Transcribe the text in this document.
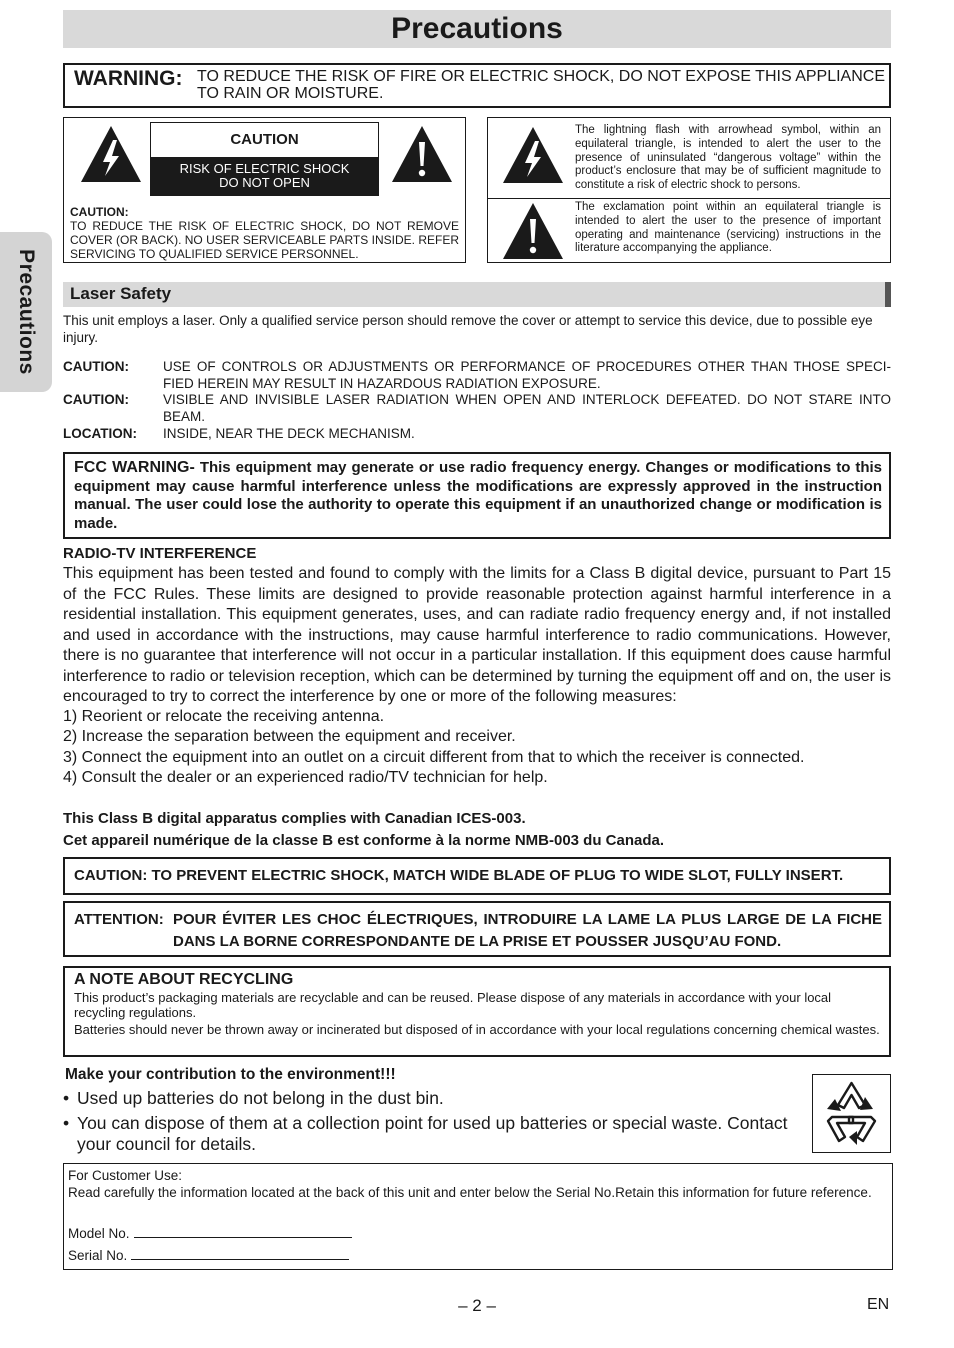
Precautions
Precautions
WARNING: TO REDUCE THE RISK OF FIRE OR ELECTRIC SHOCK, DO NOT EXPOSE THIS APPLIANCE TO RAIN OR MOISTURE.
CAUTION
RISK OF ELECTRIC SHOCK
DO NOT OPEN
CAUTION:
TO REDUCE THE RISK OF ELECTRIC SHOCK, DO NOT REMOVE COVER (OR BACK). NO USER SERVICEABLE PARTS INSIDE. REFER SERVICING TO QUALIFIED SERVICE PERSONNEL.
The lightning flash with arrowhead symbol, within an equilateral triangle, is intended to alert the user to the presence of uninsulated “dangerous voltage” within the product’s enclosure that may be of sufficient magnitude to constitute a risk of electric shock to persons.
The exclamation point within an equilateral triangle is intended to alert the user to the presence of important operating and maintenance (servicing) instructions in the literature accompanying the appliance.
Laser Safety
This unit employs a laser. Only a qualified service person should remove the cover or attempt to service this device, due to possible eye injury.
CAUTION:	USE OF CONTROLS OR ADJUSTMENTS OR PERFORMANCE OF PROCEDURES OTHER THAN THOSE SPECI-FIED HEREIN MAY RESULT IN HAZARDOUS RADIATION EXPOSURE.
CAUTION:	VISIBLE AND INVISIBLE LASER RADIATION WHEN OPEN AND INTERLOCK DEFEATED. DO NOT STARE INTO BEAM.
LOCATION: INSIDE, NEAR THE DECK MECHANISM.
FCC WARNING- This equipment may generate or use radio frequency energy. Changes or modifications to this equipment may cause harmful interference unless the modifications are expressly approved in the instruction manual. The user could lose the authority to operate this equipment if an unauthorized change or modification is made.
RADIO-TV INTERFERENCE
This equipment has been tested and found to comply with the limits for a Class B digital device, pursuant to Part 15 of the FCC Rules. These limits are designed to provide reasonable protection against harmful interference in a residential installation. This equipment generates, uses, and can radiate radio frequency energy and, if not installed and used in accordance with the instructions, may cause harmful interference to radio communications. However, there is no guarantee that interference will not occur in a particular installation. If this equipment does cause harmful interference to radio or television reception, which can be determined by turning the equipment off and on, the user is encouraged to try to correct the interference by one or more of the following measures:
1) Reorient or relocate the receiving antenna.
2) Increase the separation between the equipment and receiver.
3) Connect the equipment into an outlet on a circuit different from that to which the receiver is connected.
4) Consult the dealer or an experienced radio/TV technician for help.
This Class B digital apparatus complies with Canadian ICES-003.
Cet appareil numérique de la classe B est conforme à la norme NMB-003 du Canada.
CAUTION: TO PREVENT ELECTRIC SHOCK, MATCH WIDE BLADE OF PLUG TO WIDE SLOT, FULLY INSERT.
ATTENTION: POUR ÉVITER LES CHOC ÉLECTRIQUES, INTRODUIRE LA LAME LA PLUS LARGE DE LA FICHE DANS LA BORNE CORRESPONDANTE DE LA PRISE ET POUSSER JUSQU’AU FOND.
A NOTE ABOUT RECYCLING
This product’s packaging materials are recyclable and can be reused. Please dispose of any materials in accordance with your local recycling regulations.
Batteries should never be thrown away or incinerated but disposed of in accordance with your local regulations concerning chemical wastes.
Make your contribution to the environment!!!
• Used up batteries do not belong in the dust bin.
• You can dispose of them at a collection point for used up batteries or special waste. Contact your council for details.
For Customer Use:
Read carefully the information located at the back of this unit and enter below the Serial No.Retain this information for future reference.
Model No.
Serial No.
– 2 –	EN
